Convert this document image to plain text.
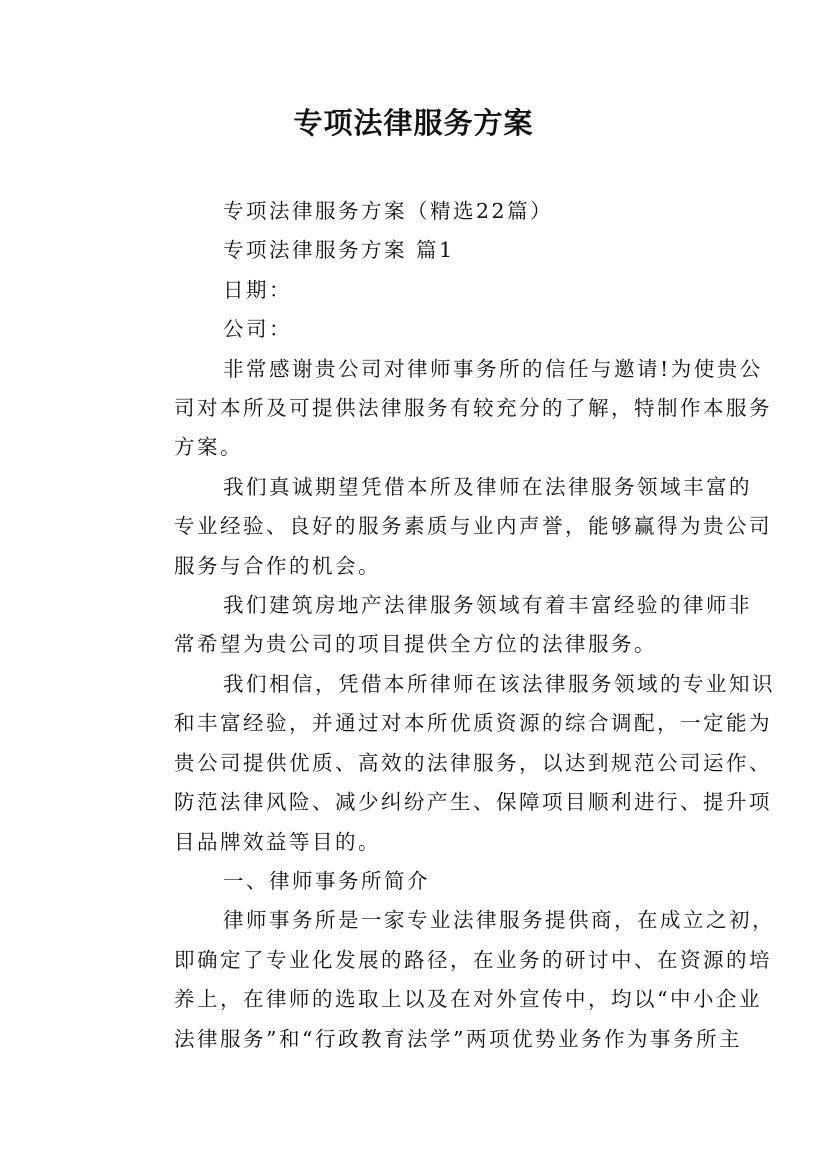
专项法律服务方案
专项法律服务方案（精选22篇）
专项法律服务方案 篇1
日期：
公司：
非常感谢贵公司对律师事务所的信任与邀请!为使贵公
司对本所及可提供法律服务有较充分的了解，特制作本服务
方案。
我们真诚期望凭借本所及律师在法律服务领域丰富的
专业经验、良好的服务素质与业内声誉，能够赢得为贵公司
服务与合作的机会。
我们建筑房地产法律服务领域有着丰富经验的律师非
常希望为贵公司的项目提供全方位的法律服务。
我们相信，凭借本所律师在该法律服务领域的专业知识
和丰富经验，并通过对本所优质资源的综合调配，一定能为
贵公司提供优质、高效的法律服务，以达到规范公司运作、
防范法律风险、减少纠纷产生、保障项目顺利进行、提升项
目品牌效益等目的。
一、律师事务所简介
律师事务所是一家专业法律服务提供商，在成立之初，
即确定了专业化发展的路径，在业务的研讨中、在资源的培
养上，在律师的选取上以及在对外宣传中，均以“中小企业
法律服务”和“行政教育法学”两项优势业务作为事务所主
